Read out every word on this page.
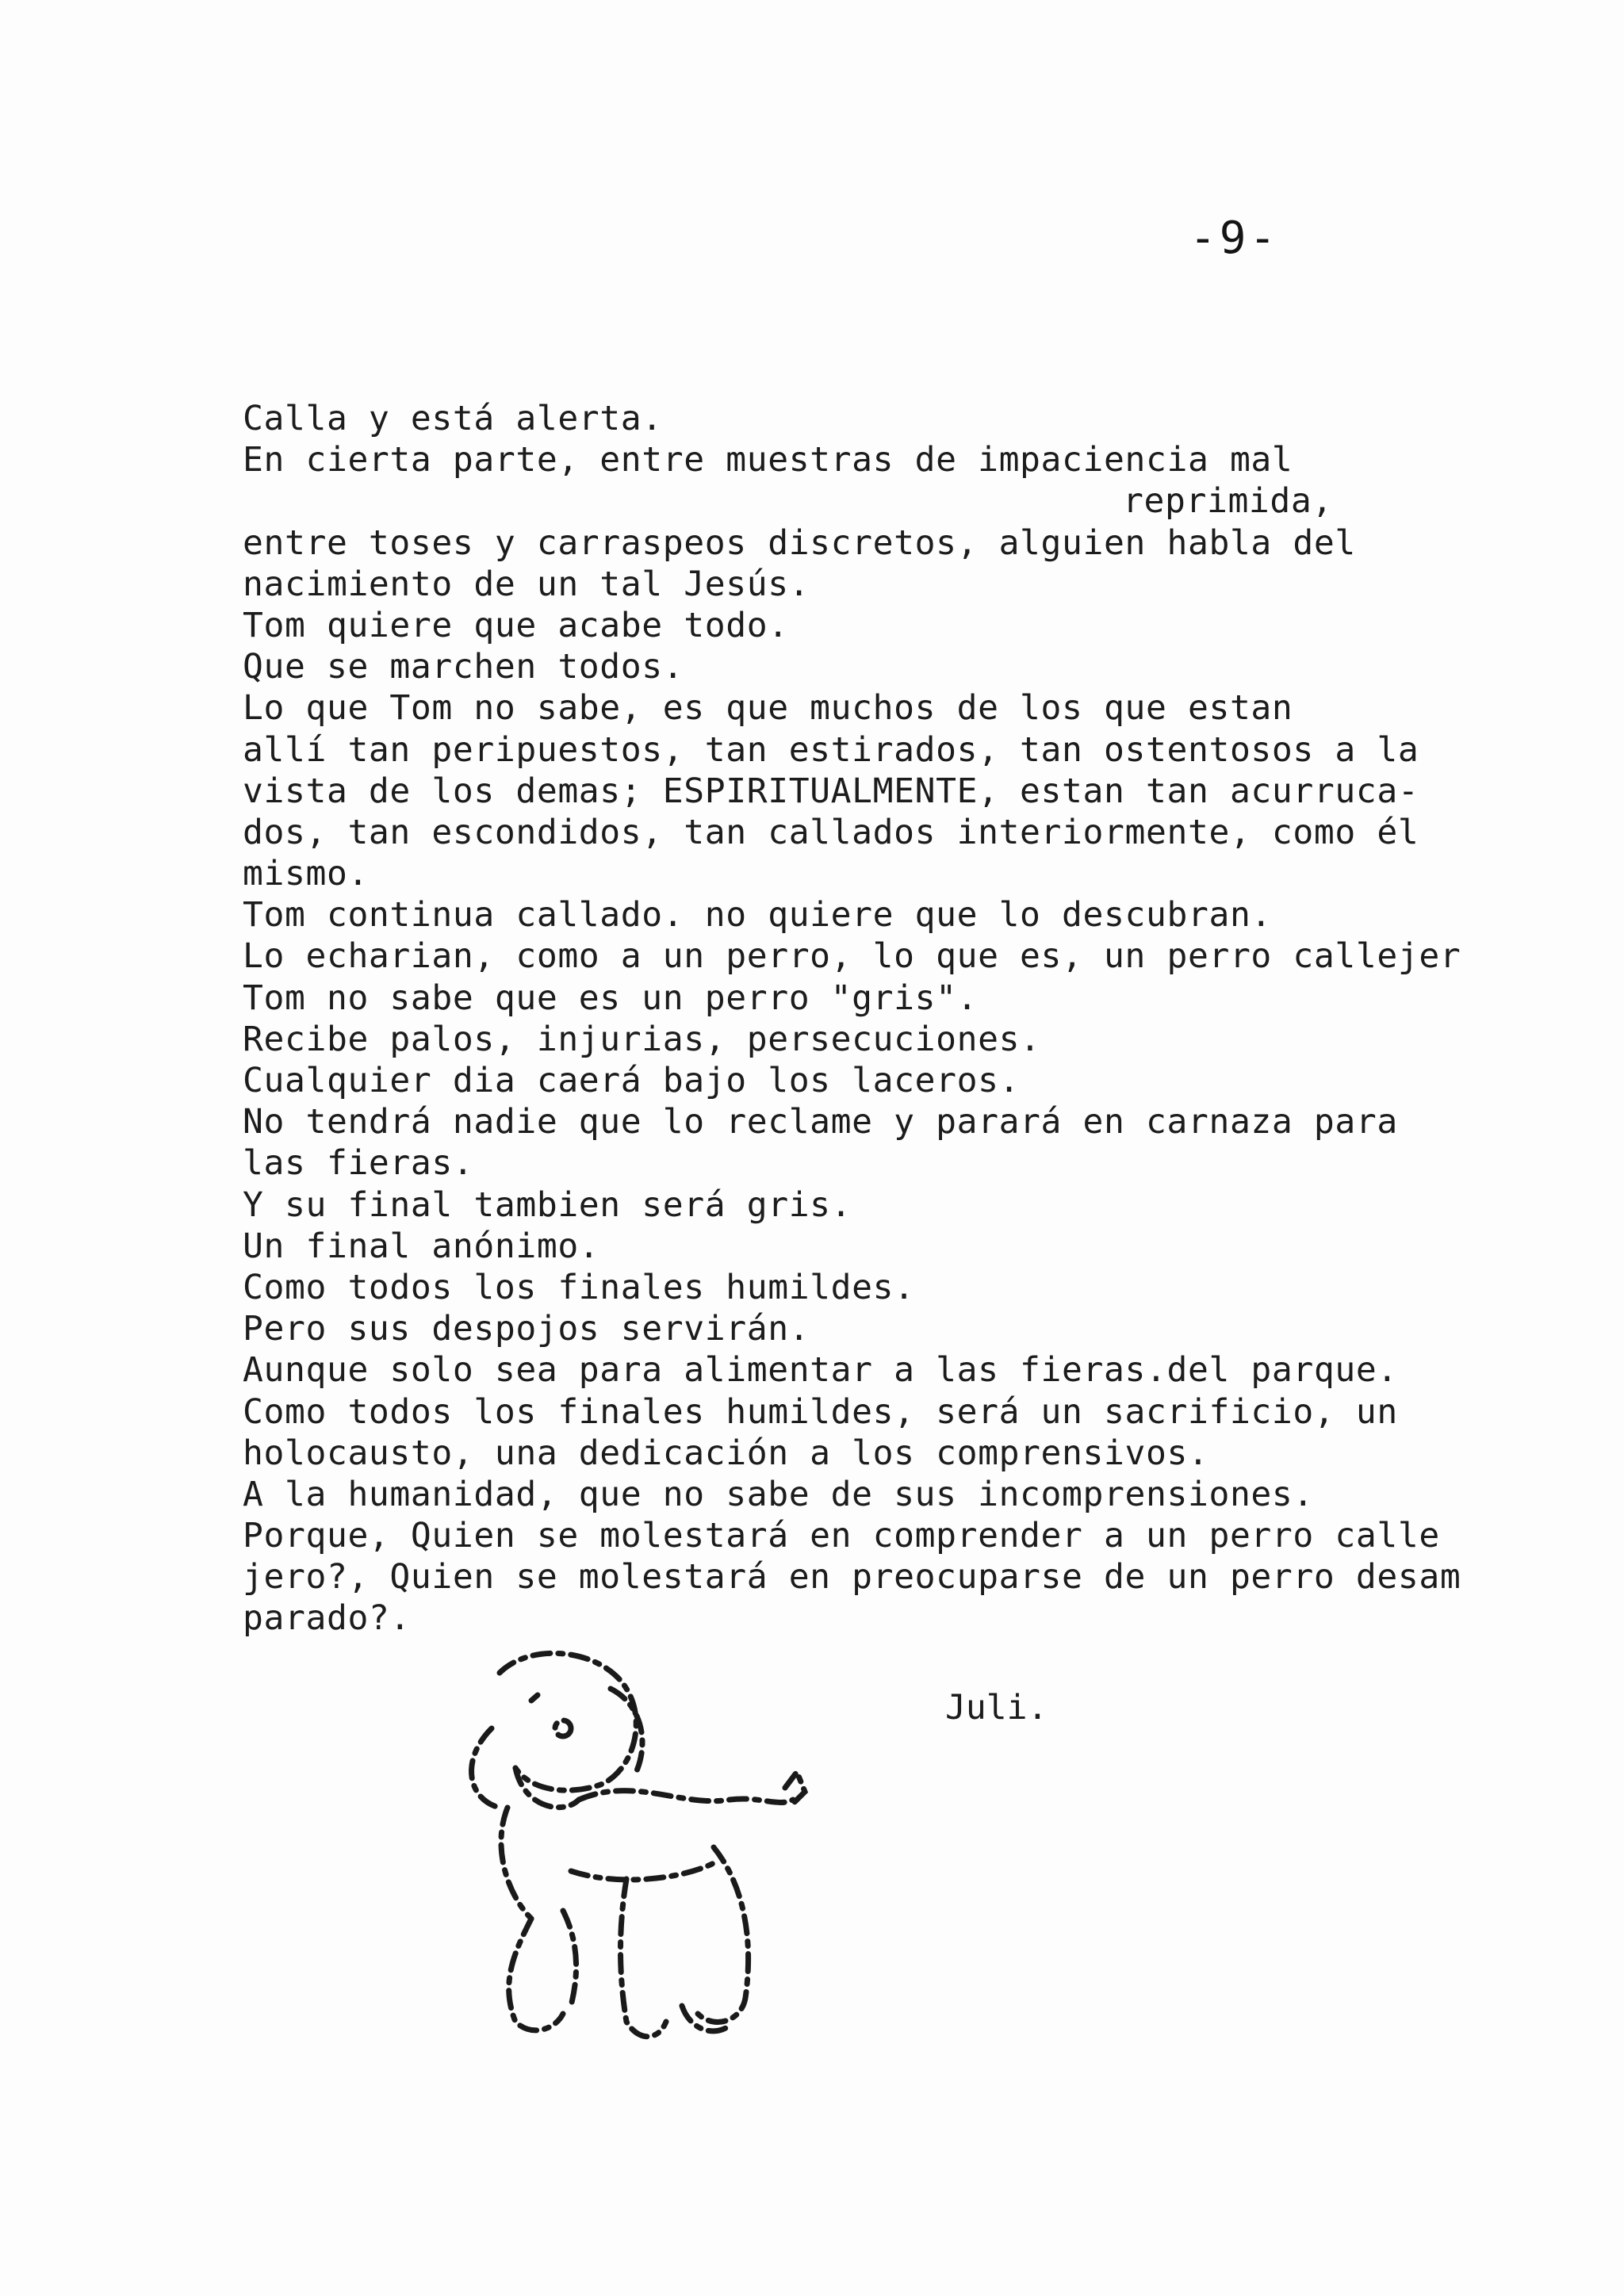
-9-
Calla y está alerta.
En cierta parte, entre muestras de impaciencia mal
reprimida,
entre toses y carraspeos discretos, alguien habla del
nacimiento de un tal Jesús.
Tom quiere que acabe todo.
Que se marchen todos.
Lo que Tom no sabe, es que muchos de los que estan
allí tan peripuestos, tan estirados, tan ostentosos a la
vista de los demas; ESPIRITUALMENTE, estan tan acurruca-
dos, tan escondidos, tan callados interiormente, como él
mismo.
Tom continua callado. no quiere que lo descubran.
Lo echarian, como a un perro, lo que es, un perro callejer
Tom no sabe que es un perro "gris".
Recibe palos, injurias, persecuciones.
Cualquier dia caerá bajo los laceros.
No tendrá nadie que lo reclame y parará en carnaza para
las fieras.
Y su final tambien será gris.
Un final anónimo.
Como todos los finales humildes.
Pero sus despojos servirán.
Aunque solo sea para alimentar a las fieras.del parque.
Como todos los finales humildes, será un sacrificio, un
holocausto, una dedicación a los comprensivos.
A la humanidad, que no sabe de sus incomprensiones.
Porque, Quien se molestará en comprender a un perro calle
jero?, Quien se molestará en preocuparse de un perro desam
parado?.
Juli.
